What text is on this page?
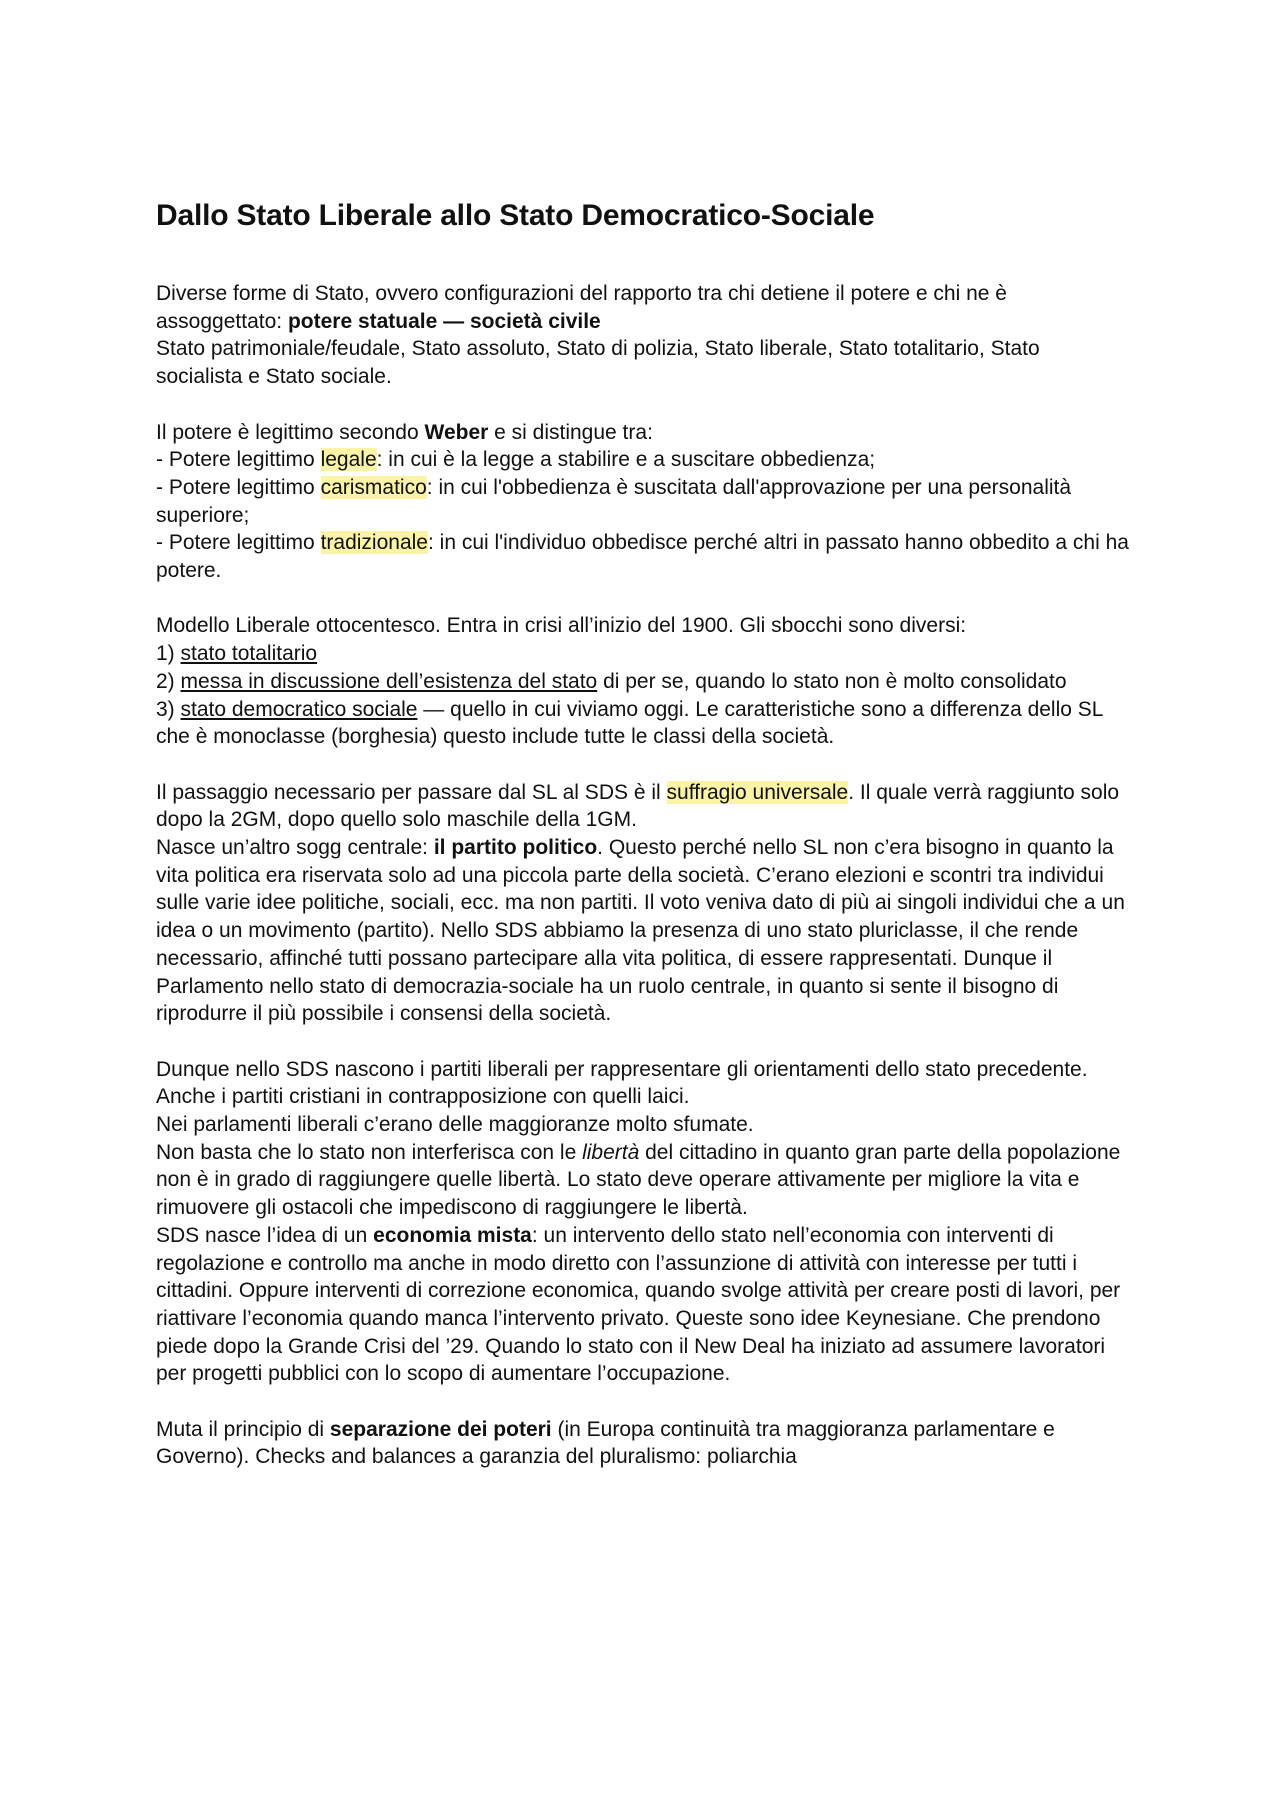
Dallo Stato Liberale allo Stato Democratico-Sociale

Diverse forme di Stato, ovvero configurazioni del rapporto tra chi detiene il potere e chi ne è assoggettato: potere statuale — società civile

Stato patrimoniale/feudale, Stato assoluto, Stato di polizia, Stato liberale, Stato totalitario, Stato socialista e Stato sociale.

Il potere è legittimo secondo Weber e si distingue tra:

- Potere legittimo legale: in cui è la legge a stabilire e a suscitare obbedienza;

- Potere legittimo carismatico: in cui l'obbedienza è suscitata dall'approvazione per una personalità superiore;

- Potere legittimo tradizionale: in cui l'individuo obbedisce perché altri in passato hanno obbedito a chi ha potere.

Modello Liberale ottocentesco. Entra in crisi all’inizio del 1900. Gli sbocchi sono diversi:

1) stato totalitario

2) messa in discussione dell’esistenza del stato di per se, quando lo stato non è molto consolidato

3) stato democratico sociale — quello in cui viviamo oggi. Le caratteristiche sono a differenza dello SL che è monoclasse (borghesia) questo include tutte le classi della società.

Il passaggio necessario per passare dal SL al SDS è il suffragio universale. Il quale verrà raggiunto solo dopo la 2GM, dopo quello solo maschile della 1GM.

Nasce un’altro sogg centrale: il partito politico. Questo perché nello SL non c’era bisogno in quanto la vita politica era riservata solo ad una piccola parte della società. C’erano elezioni e scontri tra individui sulle varie idee politiche, sociali, ecc. ma non partiti. Il voto veniva dato di più ai singoli individui che a un idea o un movimento (partito). Nello SDS abbiamo la presenza di uno stato pluriclasse, il che rende necessario, affinché tutti possano partecipare alla vita politica, di essere rappresentati. Dunque il Parlamento nello stato di democrazia-sociale ha un ruolo centrale, in quanto si sente il bisogno di riprodurre il più possibile i consensi della società.

Dunque nello SDS nascono i partiti liberali per rappresentare gli orientamenti dello stato precedente. Anche i partiti cristiani in contrapposizione con quelli laici.

Nei parlamenti liberali c’erano delle maggioranze molto sfumate.

Non basta che lo stato non interferisca con le libertà del cittadino in quanto gran parte della popolazione non è in grado di raggiungere quelle libertà. Lo stato deve operare attivamente per migliore la vita e rimuovere gli ostacoli che impediscono di raggiungere le libertà.

SDS nasce l’idea di un economia mista: un intervento dello stato nell’economia con interventi di regolazione e controllo ma anche in modo diretto con l’assunzione di attività con interesse per tutti i cittadini. Oppure interventi di correzione economica, quando svolge attività per creare posti di lavori, per riattivare l’economia quando manca l’intervento privato. Queste sono idee Keynesiane. Che prendono piede dopo la Grande Crisi del ’29. Quando lo stato con il New Deal ha iniziato ad assumere lavoratori per progetti pubblici con lo scopo di aumentare l’occupazione.

Muta il principio di separazione dei poteri (in Europa continuità tra maggioranza parlamentare e Governo). Checks and balances a garanzia del pluralismo: poliarchia
